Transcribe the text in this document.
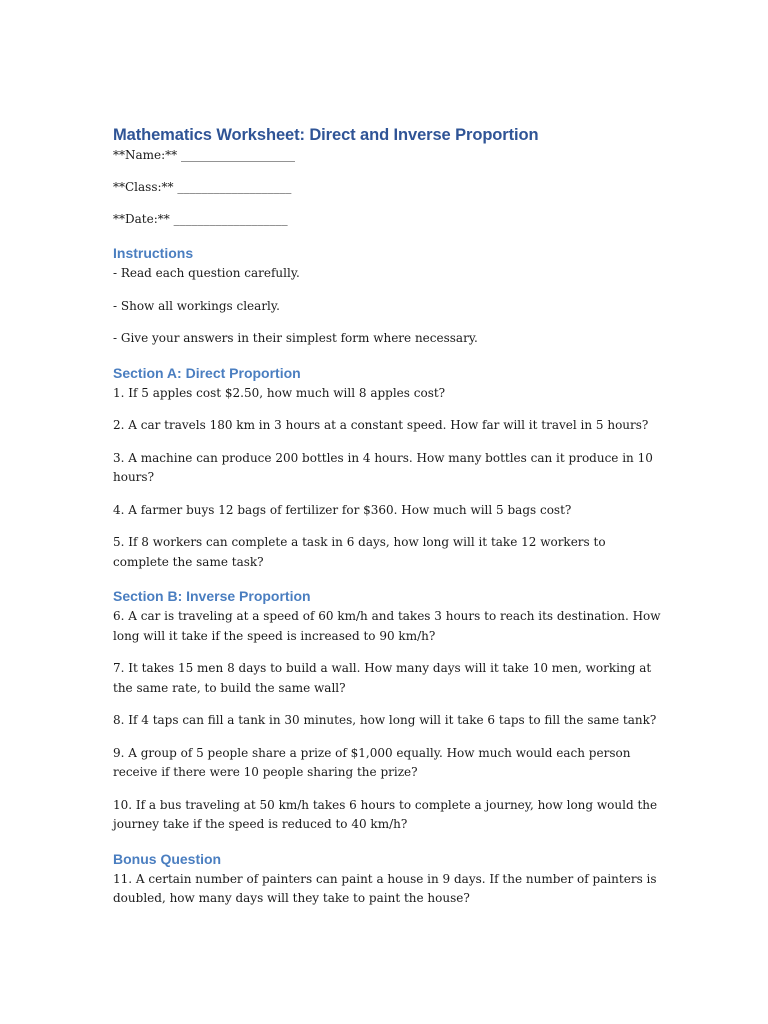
Mathematics Worksheet: Direct and Inverse Proportion
**Name:** ___________________
**Class:** ___________________
**Date:** ___________________
Instructions

- Read each question carefully.

- Show all workings clearly.

- Give your answers in their simplest form where necessary.

Section A: Direct Proportion

1. If 5 apples cost $2.50, how much will 8 apples cost?

2. A car travels 180 km in 3 hours at a constant speed. How far will it travel in 5 hours?

3. A machine can produce 200 bottles in 4 hours. How many bottles can it produce in 10 hours?

4. A farmer buys 12 bags of fertilizer for $360. How much will 5 bags cost?

5. If 8 workers can complete a task in 6 days, how long will it take 12 workers to complete the same task?

Section B: Inverse Proportion

6. A car is traveling at a speed of 60 km/h and takes 3 hours to reach its destination. How long will it take if the speed is increased to 90 km/h?

7. It takes 15 men 8 days to build a wall. How many days will it take 10 men, working at the same rate, to build the same wall?

8. If 4 taps can fill a tank in 30 minutes, how long will it take 6 taps to fill the same tank?

9. A group of 5 people share a prize of $1,000 equally. How much would each person receive if there were 10 people sharing the prize?

10. If a bus traveling at 50 km/h takes 6 hours to complete a journey, how long would the journey take if the speed is reduced to 40 km/h?

Bonus Question

11. A certain number of painters can paint a house in 9 days. If the number of painters is doubled, how many days will they take to paint the house?
